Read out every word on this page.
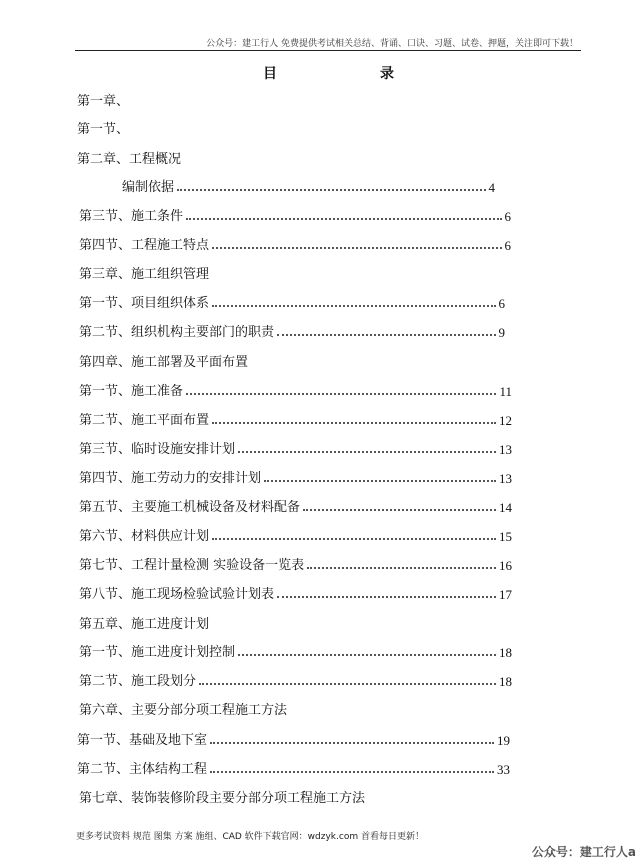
公众号：建工行人 免费提供考试相关总结、背诵、口诀、习题、试卷、押题，关注即可下载！
目	录
第一章、
第一节、
第二章、工程概况
编制依据	4
第三节、施工条件	6
第四节、工程施工特点	6
第三章、施工组织管理
第一节、项目组织体系	6
第二节、组织机构主要部门的职责	9
第四章、施工部署及平面布置
第一节、施工准备	11
第二节、施工平面布置	12
第三节、临时设施安排计划	13
第四节、施工劳动力的安排计划	13
第五节、主要施工机械设备及材料配备	14
第六节、材料供应计划	15
第七节、工程计量检测 实验设备一览表	16
第八节、施工现场检验试验计划表	17
第五章、施工进度计划
第一节、施工进度计划控制	18
第二节、施工段划分	18
第六章、主要分部分项工程施工方法
第一节、基础及地下室	19
第二节、主体结构工程	33
第七章、装饰装修阶段主要分部分项工程施工方法
更多考试资料 规范 图集 方案 施组、CAD 软件下载官网：wdzyk.com 首看每日更新！
公众号：建工行人a
